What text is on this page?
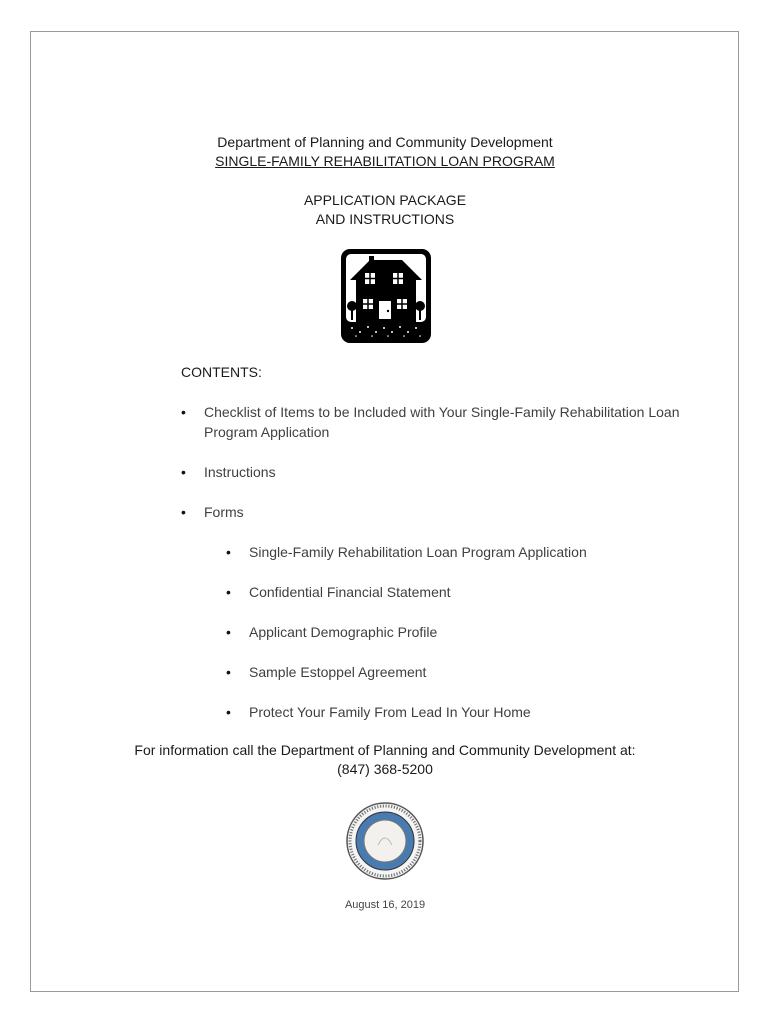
Department of Planning and Community Development
SINGLE-FAMILY REHABILITATION LOAN PROGRAM
APPLICATION PACKAGE
AND INSTRUCTIONS
CONTENTS:
• Checklist of Items to be Included with Your Single-Family Rehabilitation Loan Program Application
• Instructions
• Forms
• Single-Family Rehabilitation Loan Program Application
• Confidential Financial Statement
• Applicant Demographic Profile
• Sample Estoppel Agreement
• Protect Your Family From Lead In Your Home
For information call the Department of Planning and Community Development at:
(847) 368-5200
August 16, 2019
